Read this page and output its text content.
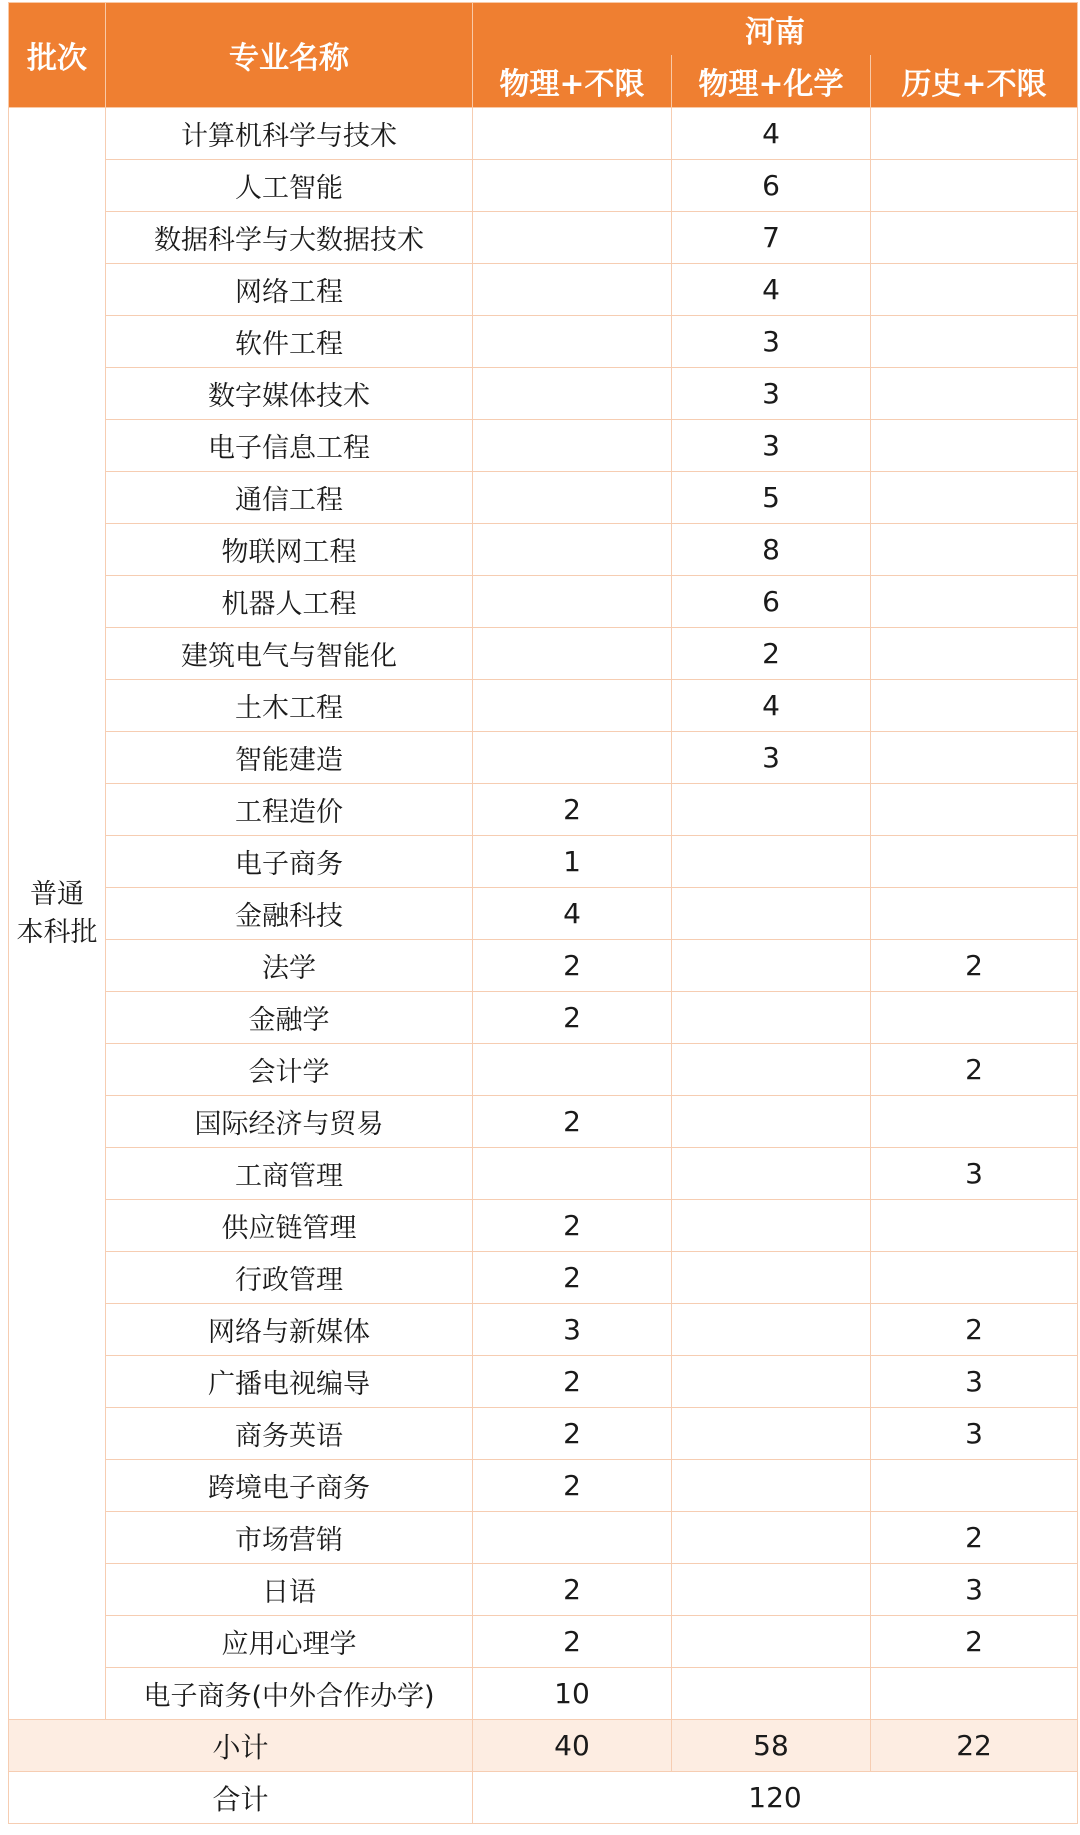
批次	专业名称	河南		
		物理+不限	物理+化学	历史+不限

普通
本科批	计算机科学与技术		4	
	人工智能		6	
	数据科学与大数据技术		7	
	网络工程		4	
	软件工程		3	
	数字媒体技术		3	
	电子信息工程		3	
	通信工程		5	
	物联网工程		8	
	机器人工程		6	
	建筑电气与智能化		2	
	土木工程		4	
	智能建造		3	
	工程造价	2		
	电子商务	1		
	金融科技	4		
	法学	2		2
	金融学	2		
	会计学			2
	国际经济与贸易	2		
	工商管理			3
	供应链管理	2		
	行政管理	2		
	网络与新媒体	3		2
	广播电视编导	2		3
	商务英语	2		3
	跨境电子商务	2		
	市场营销			2
	日语	2		3
	应用心理学	2		2
	电子商务(中外合作办学)	10		
小计		40	58	22
合计		120		
